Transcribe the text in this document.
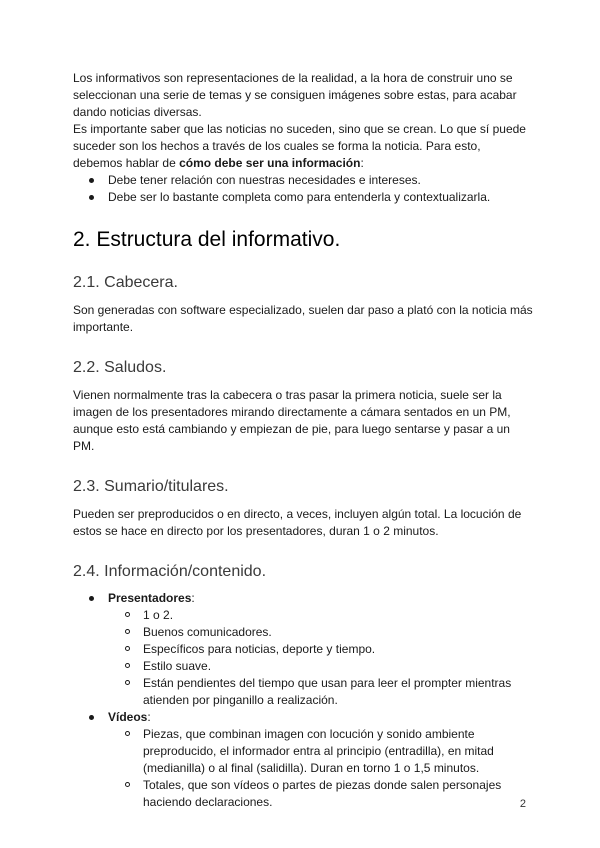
Los informativos son representaciones de la realidad, a la hora de construir uno se seleccionan una serie de temas y se consiguen imágenes sobre estas, para acabar dando noticias diversas.

Es importante saber que las noticias no suceden, sino que se crean. Lo que sí puede suceder son los hechos a través de los cuales se forma la noticia. Para esto, debemos hablar de cómo debe ser una información:

Debe tener relación con nuestras necesidades e intereses.
Debe ser lo bastante completa como para entenderla y contextualizarla.
2. Estructura del informativo.
2.1. Cabecera.

Son generadas con software especializado, suelen dar paso a plató con la noticia más importante.

2.2. Saludos.

Vienen normalmente tras la cabecera o tras pasar la primera noticia, suele ser la imagen de los presentadores mirando directamente a cámara sentados en un PM, aunque esto está cambiando y empiezan de pie, para luego sentarse y pasar a un PM.

2.3. Sumario/titulares.

Pueden ser preproducidos o en directo, a veces, incluyen algún total. La locución de estos se hace en directo por los presentadores, duran 1 o 2 minutos.

2.4. Información/contenido.
Presentadores:
1 o 2.
Buenos comunicadores.
Específicos para noticias, deporte y tiempo.
Estilo suave.
Están pendientes del tiempo que usan para leer el prompter mientras atienden por pinganillo a realización.
Vídeos:
Piezas, que combinan imagen con locución y sonido ambiente preproducido, el informador entra al principio (entradilla), en mitad (medianilla) o al final (salidilla). Duran en torno 1 o 1,5 minutos.
Totales, que son vídeos o partes de piezas donde salen personajes haciendo declaraciones.	2
